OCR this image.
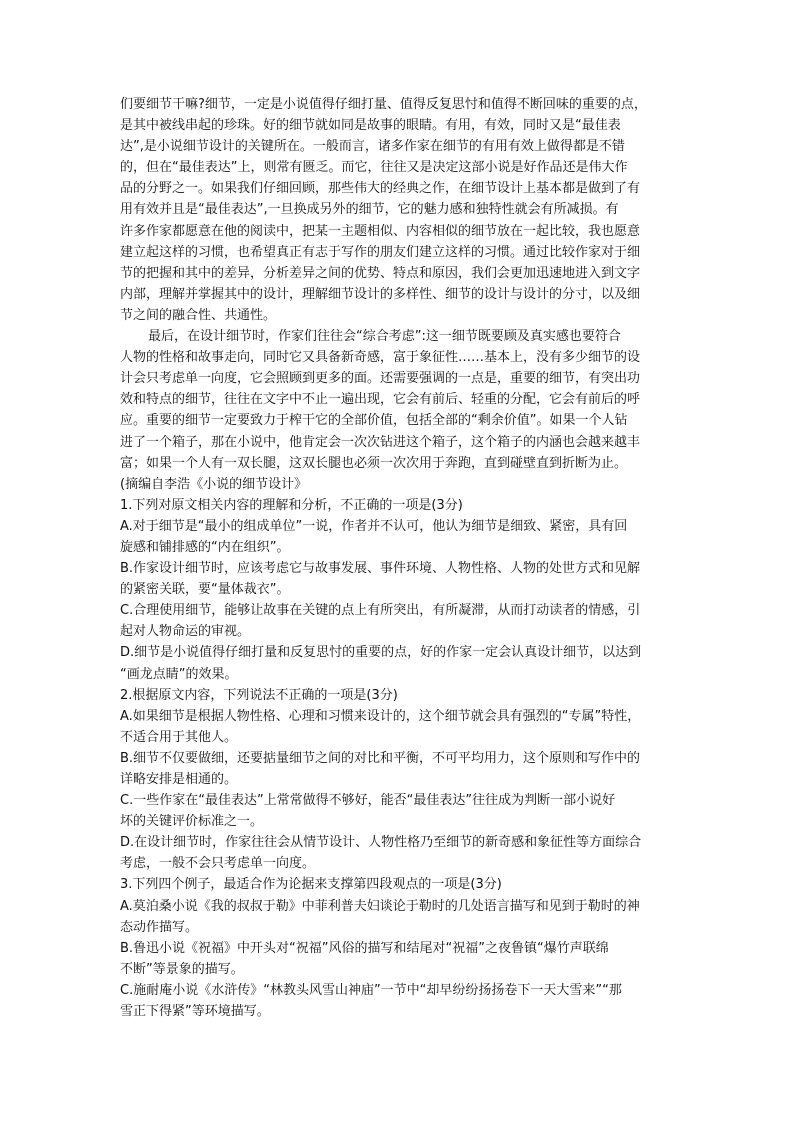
们要细节干嘛?细节，一定是小说值得仔细打量、值得反复思忖和值得不断回味的重要的点，
是其中被线串起的珍珠。好的细节就如同是故事的眼睛。有用，有效，同时又是“最佳表
达”,是小说细节设计的关键所在。一般而言，诸多作家在细节的有用有效上做得都是不错
的，但在“最佳表达”上，则常有匮乏。而它，往往又是决定这部小说是好作品还是伟大作
品的分野之一。如果我们仔细回顾，那些伟大的经典之作，在细节设计上基本都是做到了有
用有效并且是“最佳表达”,一旦换成另外的细节，它的魅力感和独特性就会有所减损。有
许多作家都愿意在他的阅读中，把某一主题相似、内容相似的细节放在一起比较，我也愿意
建立起这样的习惯，也希望真正有志于写作的朋友们建立这样的习惯。通过比较作家对于细
节的把握和其中的差异，分析差异之间的优势、特点和原因，我们会更加迅速地进入到文字
内部，理解并掌握其中的设计，理解细节设计的多样性、细节的设计与设计的分寸，以及细
节之间的融合性、共通性。
最后，在设计细节时，作家们往往会“综合考虑”:这一细节既要顾及真实感也要符合
人物的性格和故事走向，同时它又具备新奇感，富于象征性……基本上，没有多少细节的设
计会只考虑单一向度，它会照顾到更多的面。还需要强调的一点是，重要的细节，有突出功
效和特点的细节，往往在文字中不止一遍出现，它会有前后、轻重的分配，它会有前后的呼
应。重要的细节一定要致力于榨干它的全部价值，包括全部的“剩余价值”。如果一个人钻
进了一个箱子，那在小说中，他肯定会一次次钻进这个箱子，这个箱子的内涵也会越来越丰
富；如果一个人有一双长腿，这双长腿也必须一次次用于奔跑，直到碰壁直到折断为止。
(摘编自李浩《小说的细节设计》
1.下列对原文相关内容的理解和分析，不正确的一项是(3分)
A.对于细节是“最小的组成单位”一说，作者并不认可，他认为细节是细致、紧密，具有回
旋感和铺排感的“内在组织”。
B.作家设计细节时，应该考虑它与故事发展、事件环境、人物性格、人物的处世方式和见解
的紧密关联，要“量体裁衣”。
C.合理使用细节，能够让故事在关键的点上有所突出，有所凝滞，从而打动读者的情感，引
起对人物命运的审视。
D.细节是小说值得仔细打量和反复思忖的重要的点，好的作家一定会认真设计细节，以达到
“画龙点睛”的效果。
2.根据原文内容，下列说法不正确的一项是(3分)
A.如果细节是根据人物性格、心理和习惯来设计的，这个细节就会具有强烈的“专属”特性，
不适合用于其他人。
B.细节不仅要做细，还要掂量细节之间的对比和平衡，不可平均用力，这个原则和写作中的
详略安排是相通的。
C.一些作家在“最佳表达”上常常做得不够好，能否“最佳表达”往往成为判断一部小说好
坏的关键评价标准之一。
D.在设计细节时，作家往往会从情节设计、人物性格乃至细节的新奇感和象征性等方面综合
考虑，一般不会只考虑单一向度。
3.下列四个例子，最适合作为论据来支撑第四段观点的一项是(3分)
A.莫泊桑小说《我的叔叔于勒》中菲利普夫妇谈论于勒时的几处语言描写和见到于勒时的神
态动作描写。
B.鲁迅小说《祝福》中开头对“祝福”风俗的描写和结尾对“祝福”之夜鲁镇“爆竹声联绵
不断”等景象的描写。
C.施耐庵小说《水浒传》“林教头风雪山神庙”一节中“却早纷纷扬扬卷下一天大雪来”“那
雪正下得紧”等环境描写。
